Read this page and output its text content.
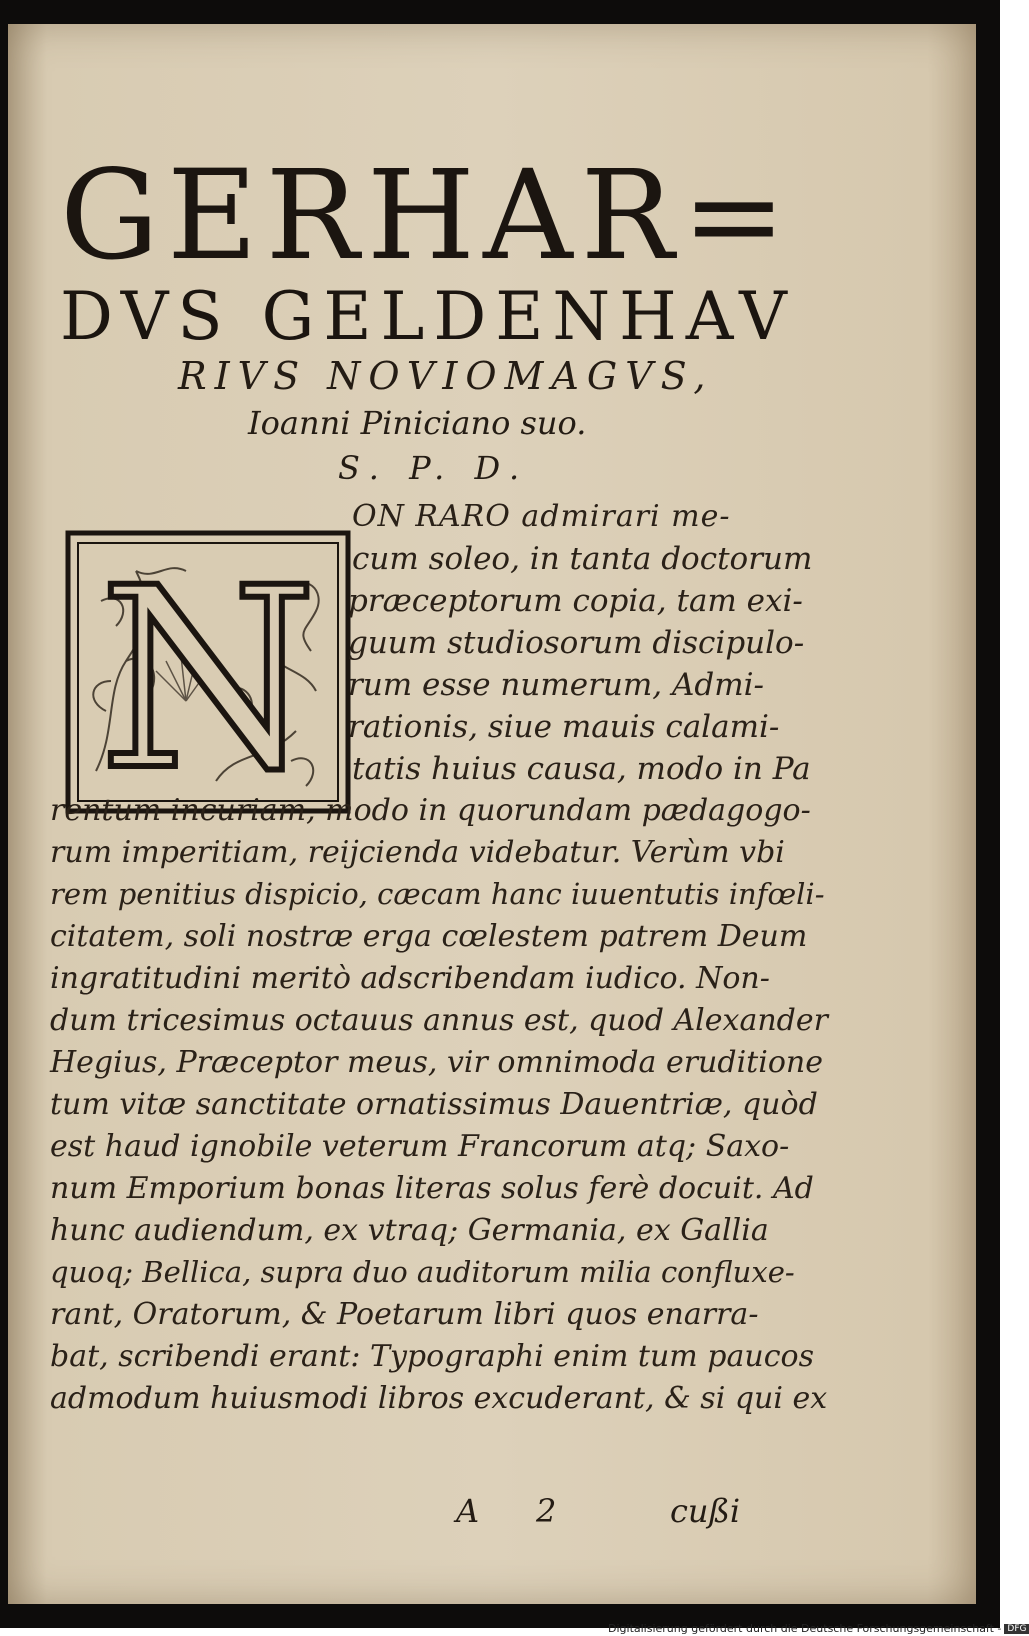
GERHAR=
DVS GELDENHAV
RIVS NOVIOMAGVS,
Ioanni Piniciano suo.
S. P. D.
N
ON RARO admirari me-
cum soleo, in tanta doctorum
præceptorum copia, tam exi-
guum studiosorum discipulo-
rum esse numerum, Admi-
rationis, siue mauis calami-
tatis huius causa, modo in Pa
rentum incuriam, modo in quorundam pædagogo-
rum imperitiam, reijcienda videbatur. Verùm vbi
rem penitius dispicio, cæcam hanc iuuentutis infœli-
citatem, soli nostræ erga cœlestem patrem Deum
ingratitudini meritò adscribendam iudico. Non-
dum tricesimus octauus annus est, quod Alexander
Hegius, Præceptor meus, vir omnimoda eruditione
tum vitæ sanctitate ornatissimus Dauentriæ, quòd
est haud ignobile veterum Francorum atq; Saxo-
num Emporium bonas literas solus ferè docuit. Ad
hunc audiendum, ex vtraq; Germania, ex Gallia
quoq; Bellica, supra duo auditorum milia confluxe-
rant, Oratorum, & Poetarum libri quos enarra-
bat, scribendi erant: Typographi enim tum paucos
admodum huiusmodi libros excuderant, & si qui ex
A 2	cußi
Digitalisierung gefördert durch die Deutsche Forschungsgemeinschaft - DFG
